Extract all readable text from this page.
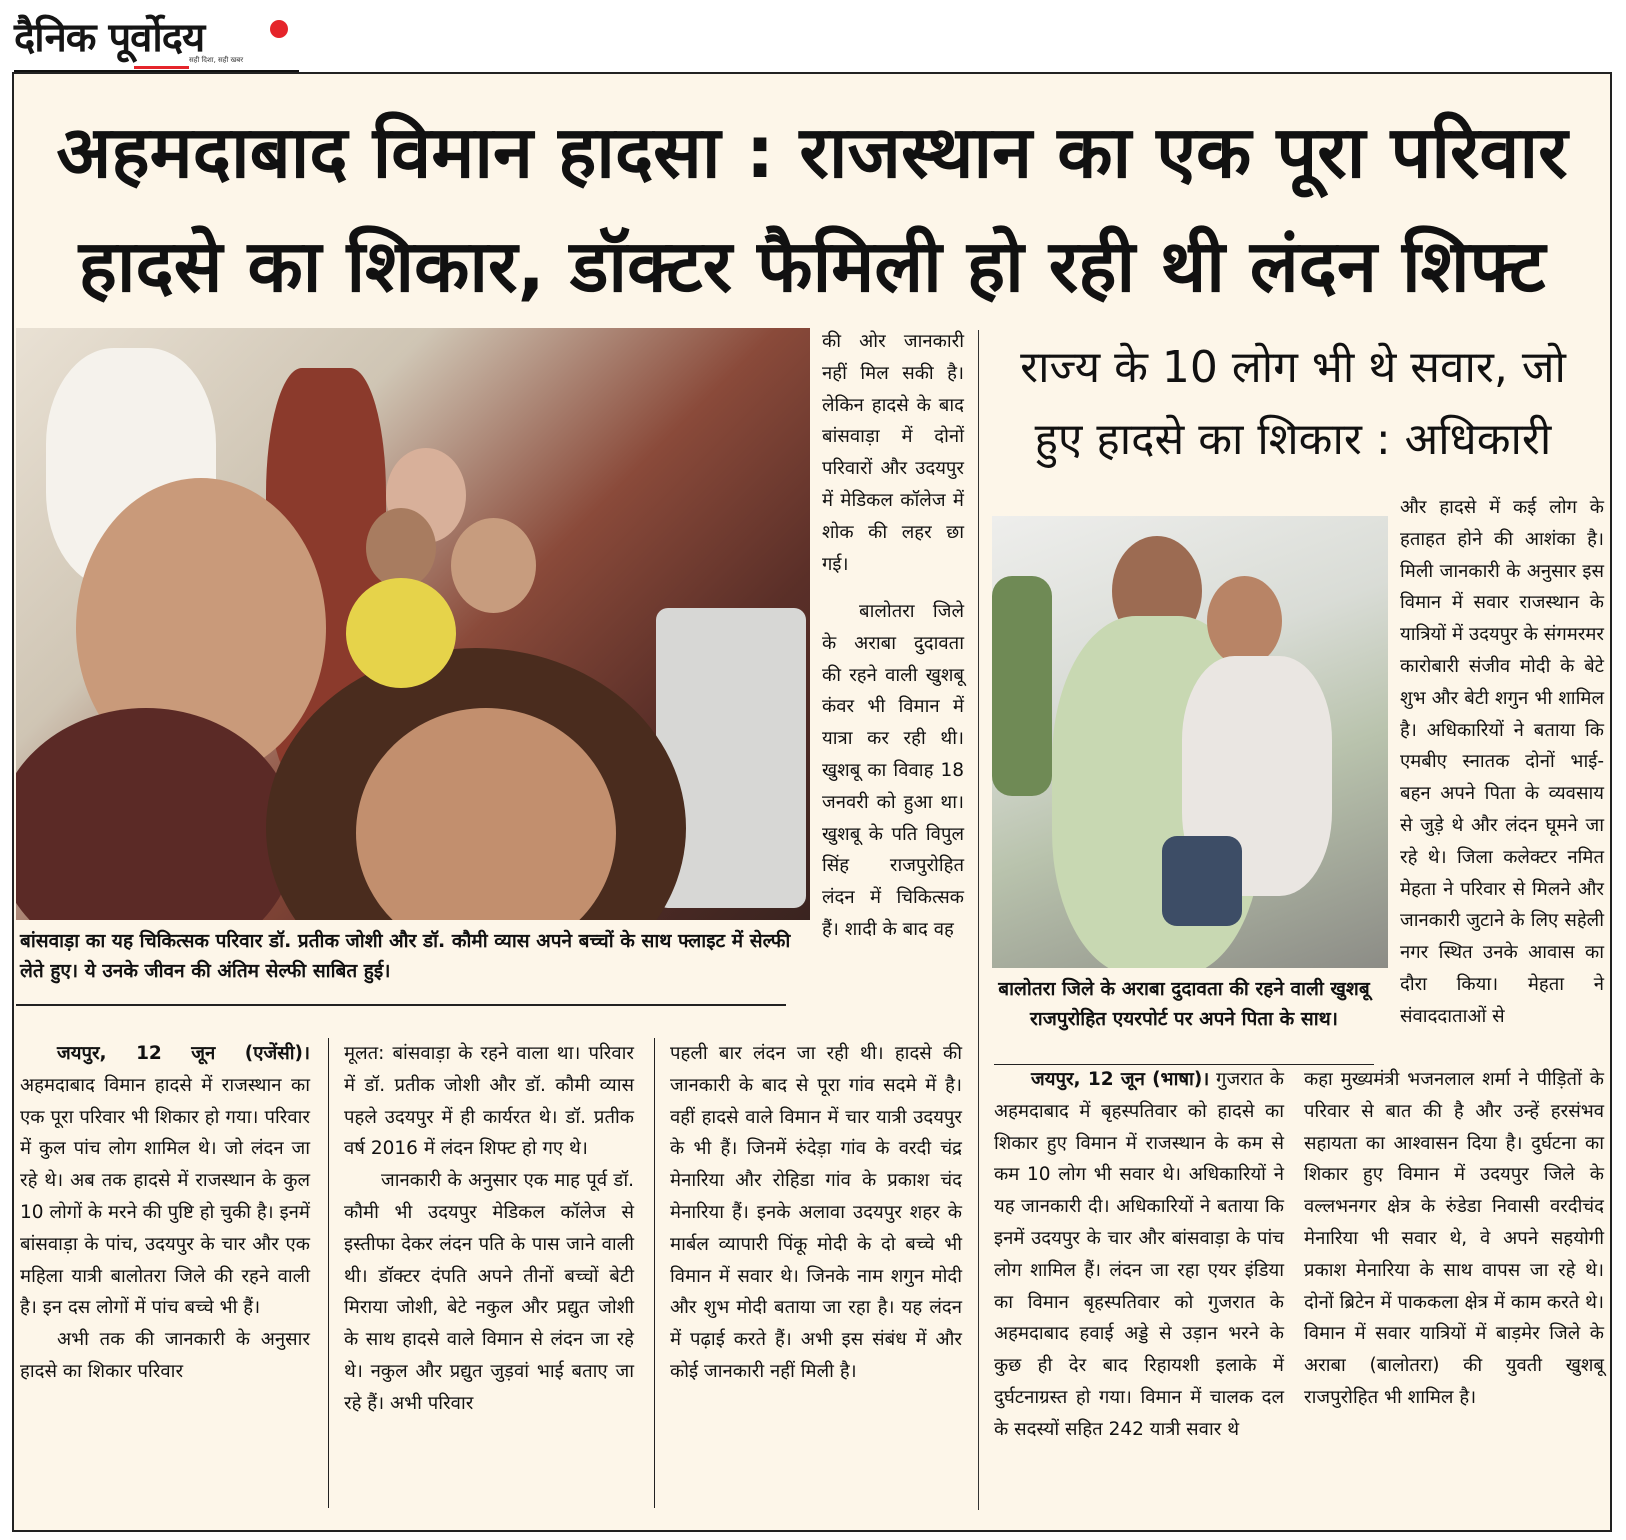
दैनिक पूर्वोदय
सही दिशा, सही खबर
अहमदाबाद विमान हादसा : राजस्थान का एक पूरा परिवार
हादसे का शिकार, डॉक्टर फैमिली हो रही थी लंदन शिफ्ट
राज्य के 10 लोग भी थे सवार, जो
हुए हादसे का शिकार : अधिकारी
बांसवाड़ा का यह चिकित्सक परिवार डॉ. प्रतीक जोशी और डॉ. कौमी व्यास अपने बच्चों के साथ फ्लाइट में सेल्फी लेते हुए। ये उनके जीवन की अंतिम सेल्फी साबित हुई।

की ओर जानकारी नहीं मिल सकी है। लेकिन हादसे के बाद बांसवाड़ा में दोनों परिवारों और उदयपुर में मेडिकल कॉलेज में शोक की लहर छा गई।

बालोतरा जिले के अराबा दुदावता की रहने वाली खुशबू कंवर भी विमान में यात्रा कर रही थी। खुशबू का विवाह 18 जनवरी को हुआ था। खुशबू के पति विपुल सिंह राजपुरोहित लंदन में चिकित्सक हैं। शादी के बाद वह

बालोतरा जिले के अराबा दुदावता की रहने वाली खुशबू राजपुरोहित एयरपोर्ट पर अपने पिता के साथ।

और हादसे में कई लोग के हताहत होने की आशंका है। मिली जानकारी के अनुसार इस विमान में सवार राजस्थान के यात्रियों में उदयपुर के संगमरमर कारोबारी संजीव मोदी के बेटे शुभ और बेटी शगुन भी शामिल है। अधिकारियों ने बताया कि एमबीए स्नातक दोनों भाई-बहन अपने पिता के व्यवसाय से जुड़े थे और लंदन घूमने जा रहे थे। जिला कलेक्टर नमित मेहता ने परिवार से मिलने और जानकारी जुटाने के लिए सहेली नगर स्थित उनके आवास का दौरा किया। मेहता ने संवाददाताओं से

जयपुर, 12 जून (एजेंसी)। अहमदाबाद विमान हादसे में राजस्थान का एक पूरा परिवार भी शिकार हो गया। परिवार में कुल पांच लोग शामिल थे। जो लंदन जा रहे थे। अब तक हादसे में राजस्थान के कुल 10 लोगों के मरने की पुष्टि हो चुकी है। इनमें बांसवाड़ा के पांच, उदयपुर के चार और एक महिला यात्री बालोतरा जिले की रहने वाली है। इन दस लोगों में पांच बच्चे भी हैं।

अभी तक की जानकारी के अनुसार हादसे का शिकार परिवार

मूलत: बांसवाड़ा के रहने वाला था। परिवार में डॉ. प्रतीक जोशी और डॉ. कौमी व्यास पहले उदयपुर में ही कार्यरत थे। डॉ. प्रतीक वर्ष 2016 में लंदन शिफ्ट हो गए थे।

जानकारी के अनुसार एक माह पूर्व डॉ. कौमी भी उदयपुर मेडिकल कॉलेज से इस्तीफा देकर लंदन पति के पास जाने वाली थी। डॉक्टर दंपति अपने तीनों बच्चों बेटी मिराया जोशी, बेटे नकुल और प्रद्युत जोशी के साथ हादसे वाले विमान से लंदन जा रहे थे। नकुल और प्रद्युत जुड़वां भाई बताए जा रहे हैं। अभी परिवार

पहली बार लंदन जा रही थी। हादसे की जानकारी के बाद से पूरा गांव सदमे में है। वहीं हादसे वाले विमान में चार यात्री उदयपुर के भी हैं। जिनमें रुंदेड़ा गांव के वरदी चंद्र मेनारिया और रोहिडा गांव के प्रकाश चंद मेनारिया हैं। इनके अलावा उदयपुर शहर के मार्बल व्यापारी पिंकू मोदी के दो बच्चे भी विमान में सवार थे। जिनके नाम शगुन मोदी और शुभ मोदी बताया जा रहा है। यह लंदन में पढ़ाई करते हैं। अभी इस संबंध में और कोई जानकारी नहीं मिली है।

जयपुर, 12 जून (भाषा)। गुजरात के अहमदाबाद में बृहस्पतिवार को हादसे का शिकार हुए विमान में राजस्थान के कम से कम 10 लोग भी सवार थे। अधिकारियों ने यह जानकारी दी। अधिकारियों ने बताया कि इनमें उदयपुर के चार और बांसवाड़ा के पांच लोग शामिल हैं। लंदन जा रहा एयर इंडिया का विमान बृहस्पतिवार को गुजरात के अहमदाबाद हवाई अड्डे से उड़ान भरने के कुछ ही देर बाद रिहायशी इलाके में दुर्घटनाग्रस्त हो गया। विमान में चालक दल के सदस्यों सहित 242 यात्री सवार थे

कहा मुख्यमंत्री भजनलाल शर्मा ने पीड़ितों के परिवार से बात की है और उन्हें हरसंभव सहायता का आश्वासन दिया है। दुर्घटना का शिकार हुए विमान में उदयपुर जिले के वल्लभनगर क्षेत्र के रुंडेडा निवासी वरदीचंद मेनारिया भी सवार थे, वे अपने सहयोगी प्रकाश मेनारिया के साथ वापस जा रहे थे। दोनों ब्रिटेन में पाककला क्षेत्र में काम करते थे। विमान में सवार यात्रियों में बाड़मेर जिले के अराबा (बालोतरा) की युवती खुशबू राजपुरोहित भी शामिल है।
